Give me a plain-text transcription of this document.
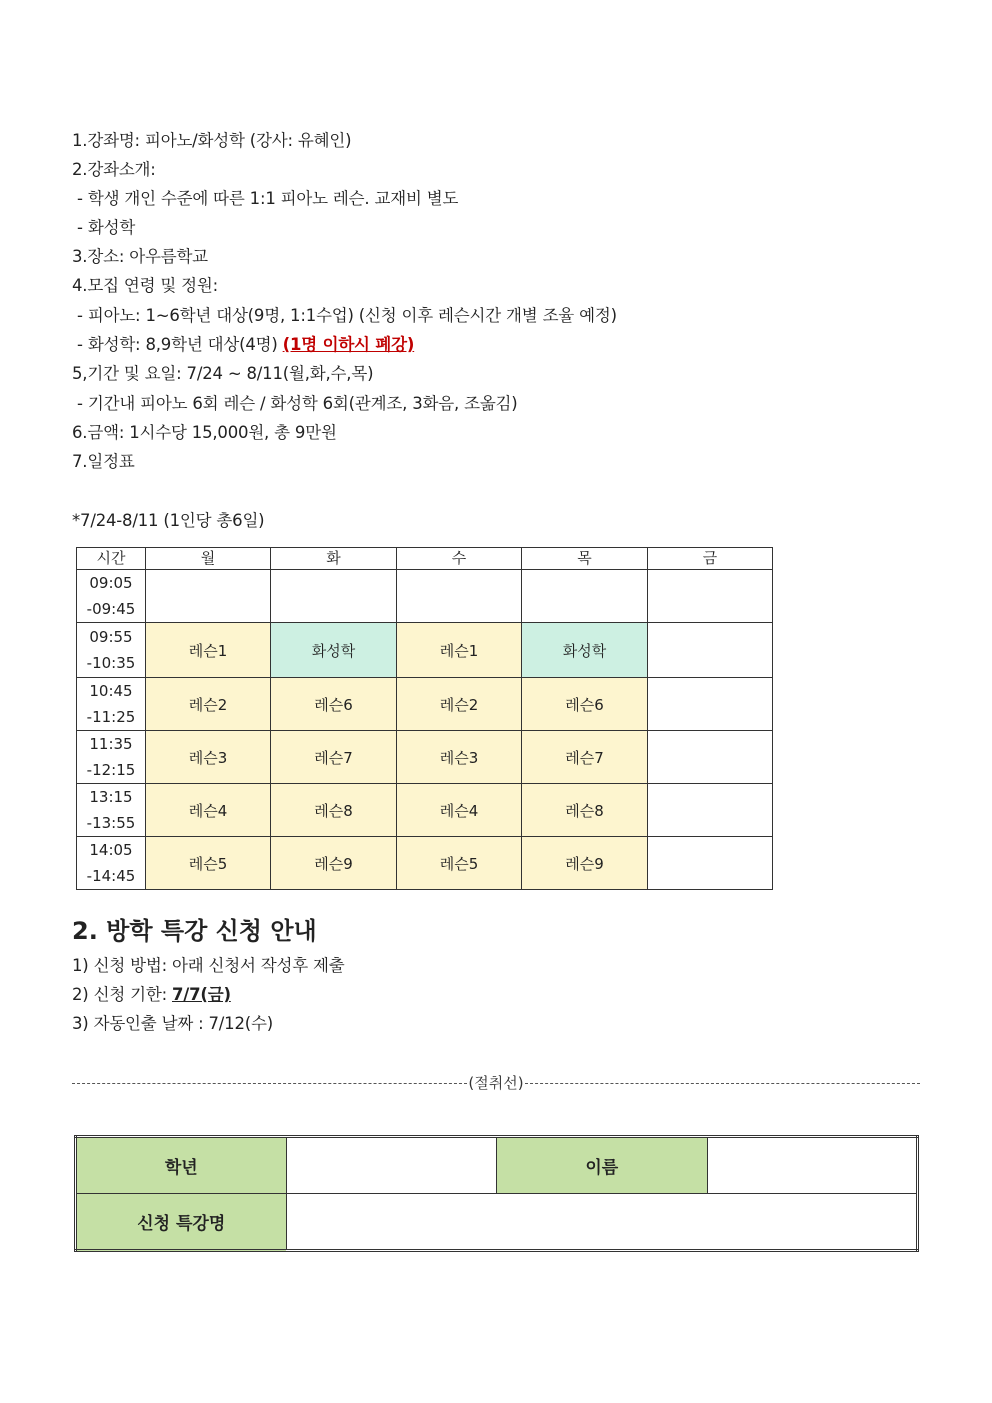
1.강좌명: 피아노/화성학 (강사: 유혜인)
2.강좌소개:
- 학생 개인 수준에 따른 1:1 피아노 레슨. 교재비 별도
- 화성학
3.장소: 아우름학교
4.모집 연령 및 정원:
- 피아노: 1~6학년 대상(9명, 1:1수업) (신청 이후 레슨시간 개별 조율 예정)
- 화성학: 8,9학년 대상(4명) (1명 이하시 폐강)
5,기간 및 요일: 7/24 ~ 8/11(월,화,수,목)
- 기간내 피아노 6회 레슨 / 화성학 6회(관계조, 3화음, 조옮김)
6.금액: 1시수당 15,000원, 총 9만원
7.일정표
*7/24-8/11 (1인당 총6일)
시간	월	화	수	목	금

09:05
-09:45					

09:55
-10:35	레슨1	화성학	레슨1	화성학	

10:45
-11:25	레슨2	레슨6	레슨2	레슨6	

11:35
-12:15	레슨3	레슨7	레슨3	레슨7	

13:15
-13:55	레슨4	레슨8	레슨4	레슨8	

14:05
-14:45	레슨5	레슨9	레슨5	레슨9	
2. 방학 특강 신청 안내
1) 신청 방법: 아래 신청서 작성후 제출
2) 신청 기한: 7/7(금)
3) 자동인출 날짜 : 7/12(수)
(절취선)
학년		이름	
신청 특강명			
